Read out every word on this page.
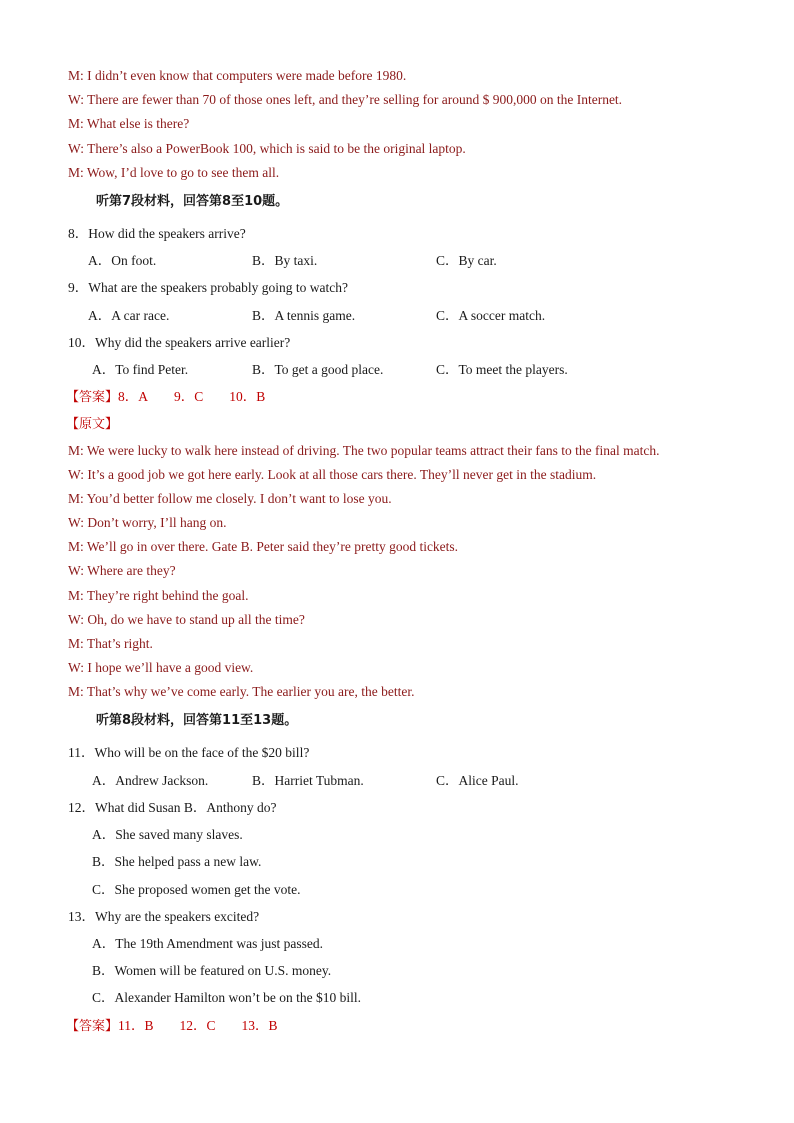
M: I didn’t even know that computers were made before 1980.
W: There are fewer than 70 of those ones left, and they’re selling for around $ 900,000 on the Internet.
M: What else is there?
W: There’s also a PowerBook 100, which is said to be the original laptop.
M: Wow, I’d love to go to see them all.
听第7段材料，回答第8至10题。
8．How did the speakers arrive?
A．On foot.	B．By taxi.	C．By car.
9．What are the speakers probably going to watch?
A．A car race.	B．A tennis game.	C．A soccer match.
10．Why did the speakers arrive earlier?
A．To find Peter.	B．To get a good place.	C．To meet the players.
【答案】8．A 9．C 10．B
【原文】
M: We were lucky to walk here instead of driving. The two popular teams attract their fans to the final match.
W: It’s a good job we got here early. Look at all those cars there. They’ll never get in the stadium.
M: You’d better follow me closely. I don’t want to lose you.
W: Don’t worry, I’ll hang on.
M: We’ll go in over there. Gate B. Peter said they’re pretty good tickets.
W: Where are they?
M: They’re right behind the goal.
W: Oh, do we have to stand up all the time?
M: That’s right.
W: I hope we’ll have a good view.
M: That’s why we’ve come early. The earlier you are, the better.
听第8段材料，回答第11至13题。
11．Who will be on the face of the $20 bill?
A．Andrew Jackson.	B．Harriet Tubman.	C．Alice Paul.
12．What did Susan B．Anthony do?
A．She saved many slaves.
B．She helped pass a new law.
C．She proposed women get the vote.
13．Why are the speakers excited?
A．The 19th Amendment was just passed.
B．Women will be featured on U.S. money.
C．Alexander Hamilton won’t be on the $10 bill.
【答案】11．B 12．C 13．B
